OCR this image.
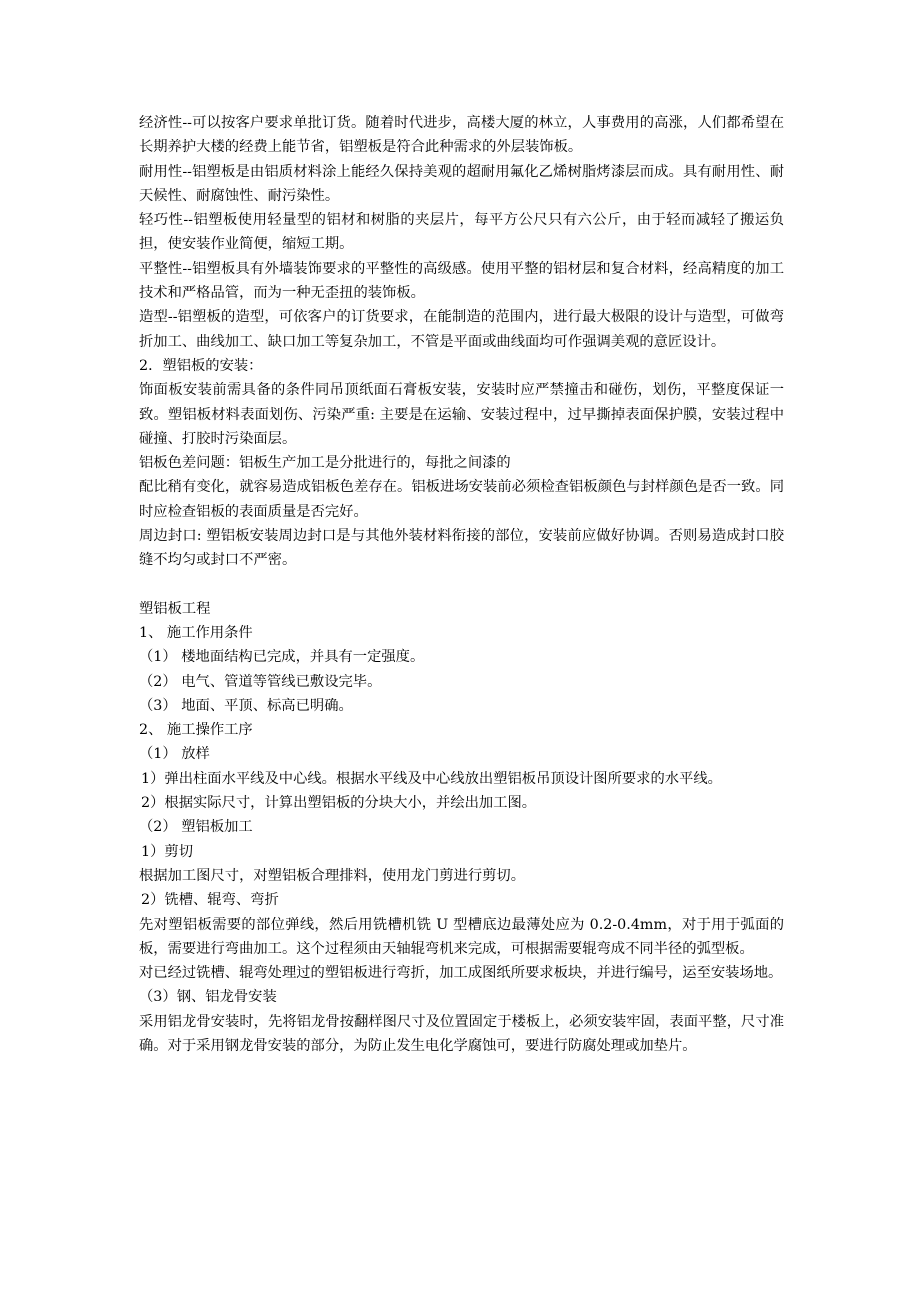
经济性--可以按客户要求单批订货。随着时代进步，高楼大厦的林立，人事费用的高涨，人们都希望在长期养护大楼的经费上能节省，铝塑板是符合此种需求的外层装饰板。

耐用性--铝塑板是由铝质材料涂上能经久保持美观的超耐用氟化乙烯树脂烤漆层而成。具有耐用性、耐天候性、耐腐蚀性、耐污染性。

轻巧性--铝塑板使用轻量型的铝材和树脂的夹层片，每平方公尺只有六公斤，由于轻而减轻了搬运负担，使安装作业简便，缩短工期。

平整性--铝塑板具有外墙装饰要求的平整性的高级感。使用平整的铝材层和复合材料，经高精度的加工技术和严格品管，而为一种无歪扭的装饰板。

造型--铝塑板的造型，可依客户的订货要求，在能制造的范围内，进行最大极限的设计与造型，可做弯折加工、曲线加工、缺口加工等复杂加工，不管是平面或曲线面均可作强调美观的意匠设计。

2．塑铝板的安装：

饰面板安装前需具备的条件同吊顶纸面石膏板安装，安装时应严禁撞击和碰伤，划伤，平整度保证一致。塑铝板材料表面划伤、污染严重: 主要是在运输、安装过程中，过早撕掉表面保护膜，安装过程中碰撞、打胶时污染面层。

铝板色差问题：铝板生产加工是分批进行的，每批之间漆的

配比稍有变化，就容易造成铝板色差存在。铝板进场安装前必须检查铝板颜色与封样颜色是否一致。同时应检查铝板的表面质量是否完好。

周边封口: 塑铝板安装周边封口是与其他外装材料衔接的部位，安装前应做好协调。否则易造成封口胶缝不均匀或封口不严密。

塑铝板工程

1、 施工作用条件

（1） 楼地面结构已完成，并具有一定强度。

（2） 电气、管道等管线已敷设完毕。

（3） 地面、平顶、标高已明确。

2、 施工操作工序

（1） 放样

1）弹出柱面水平线及中心线。根据水平线及中心线放出塑铝板吊顶设计图所要求的水平线。

2）根据实际尺寸，计算出塑铝板的分块大小，并绘出加工图。

（2） 塑铝板加工

1）剪切

根据加工图尺寸，对塑铝板合理排料，使用龙门剪进行剪切。

2）铣槽、辊弯、弯折

先对塑铝板需要的部位弹线，然后用铣槽机铣 U 型槽底边最薄处应为 0.2-0.4mm，对于用于弧面的板，需要进行弯曲加工。这个过程须由天轴辊弯机来完成，可根据需要辊弯成不同半径的弧型板。

对已经过铣槽、辊弯处理过的塑铝板进行弯折，加工成图纸所要求板块，并进行编号，运至安装场地。

（3）钢、铝龙骨安装

采用铝龙骨安装时，先将铝龙骨按翻样图尺寸及位置固定于楼板上，必须安装牢固，表面平整，尺寸准确。对于采用钢龙骨安装的部分，为防止发生电化学腐蚀可，要进行防腐处理或加垫片。
